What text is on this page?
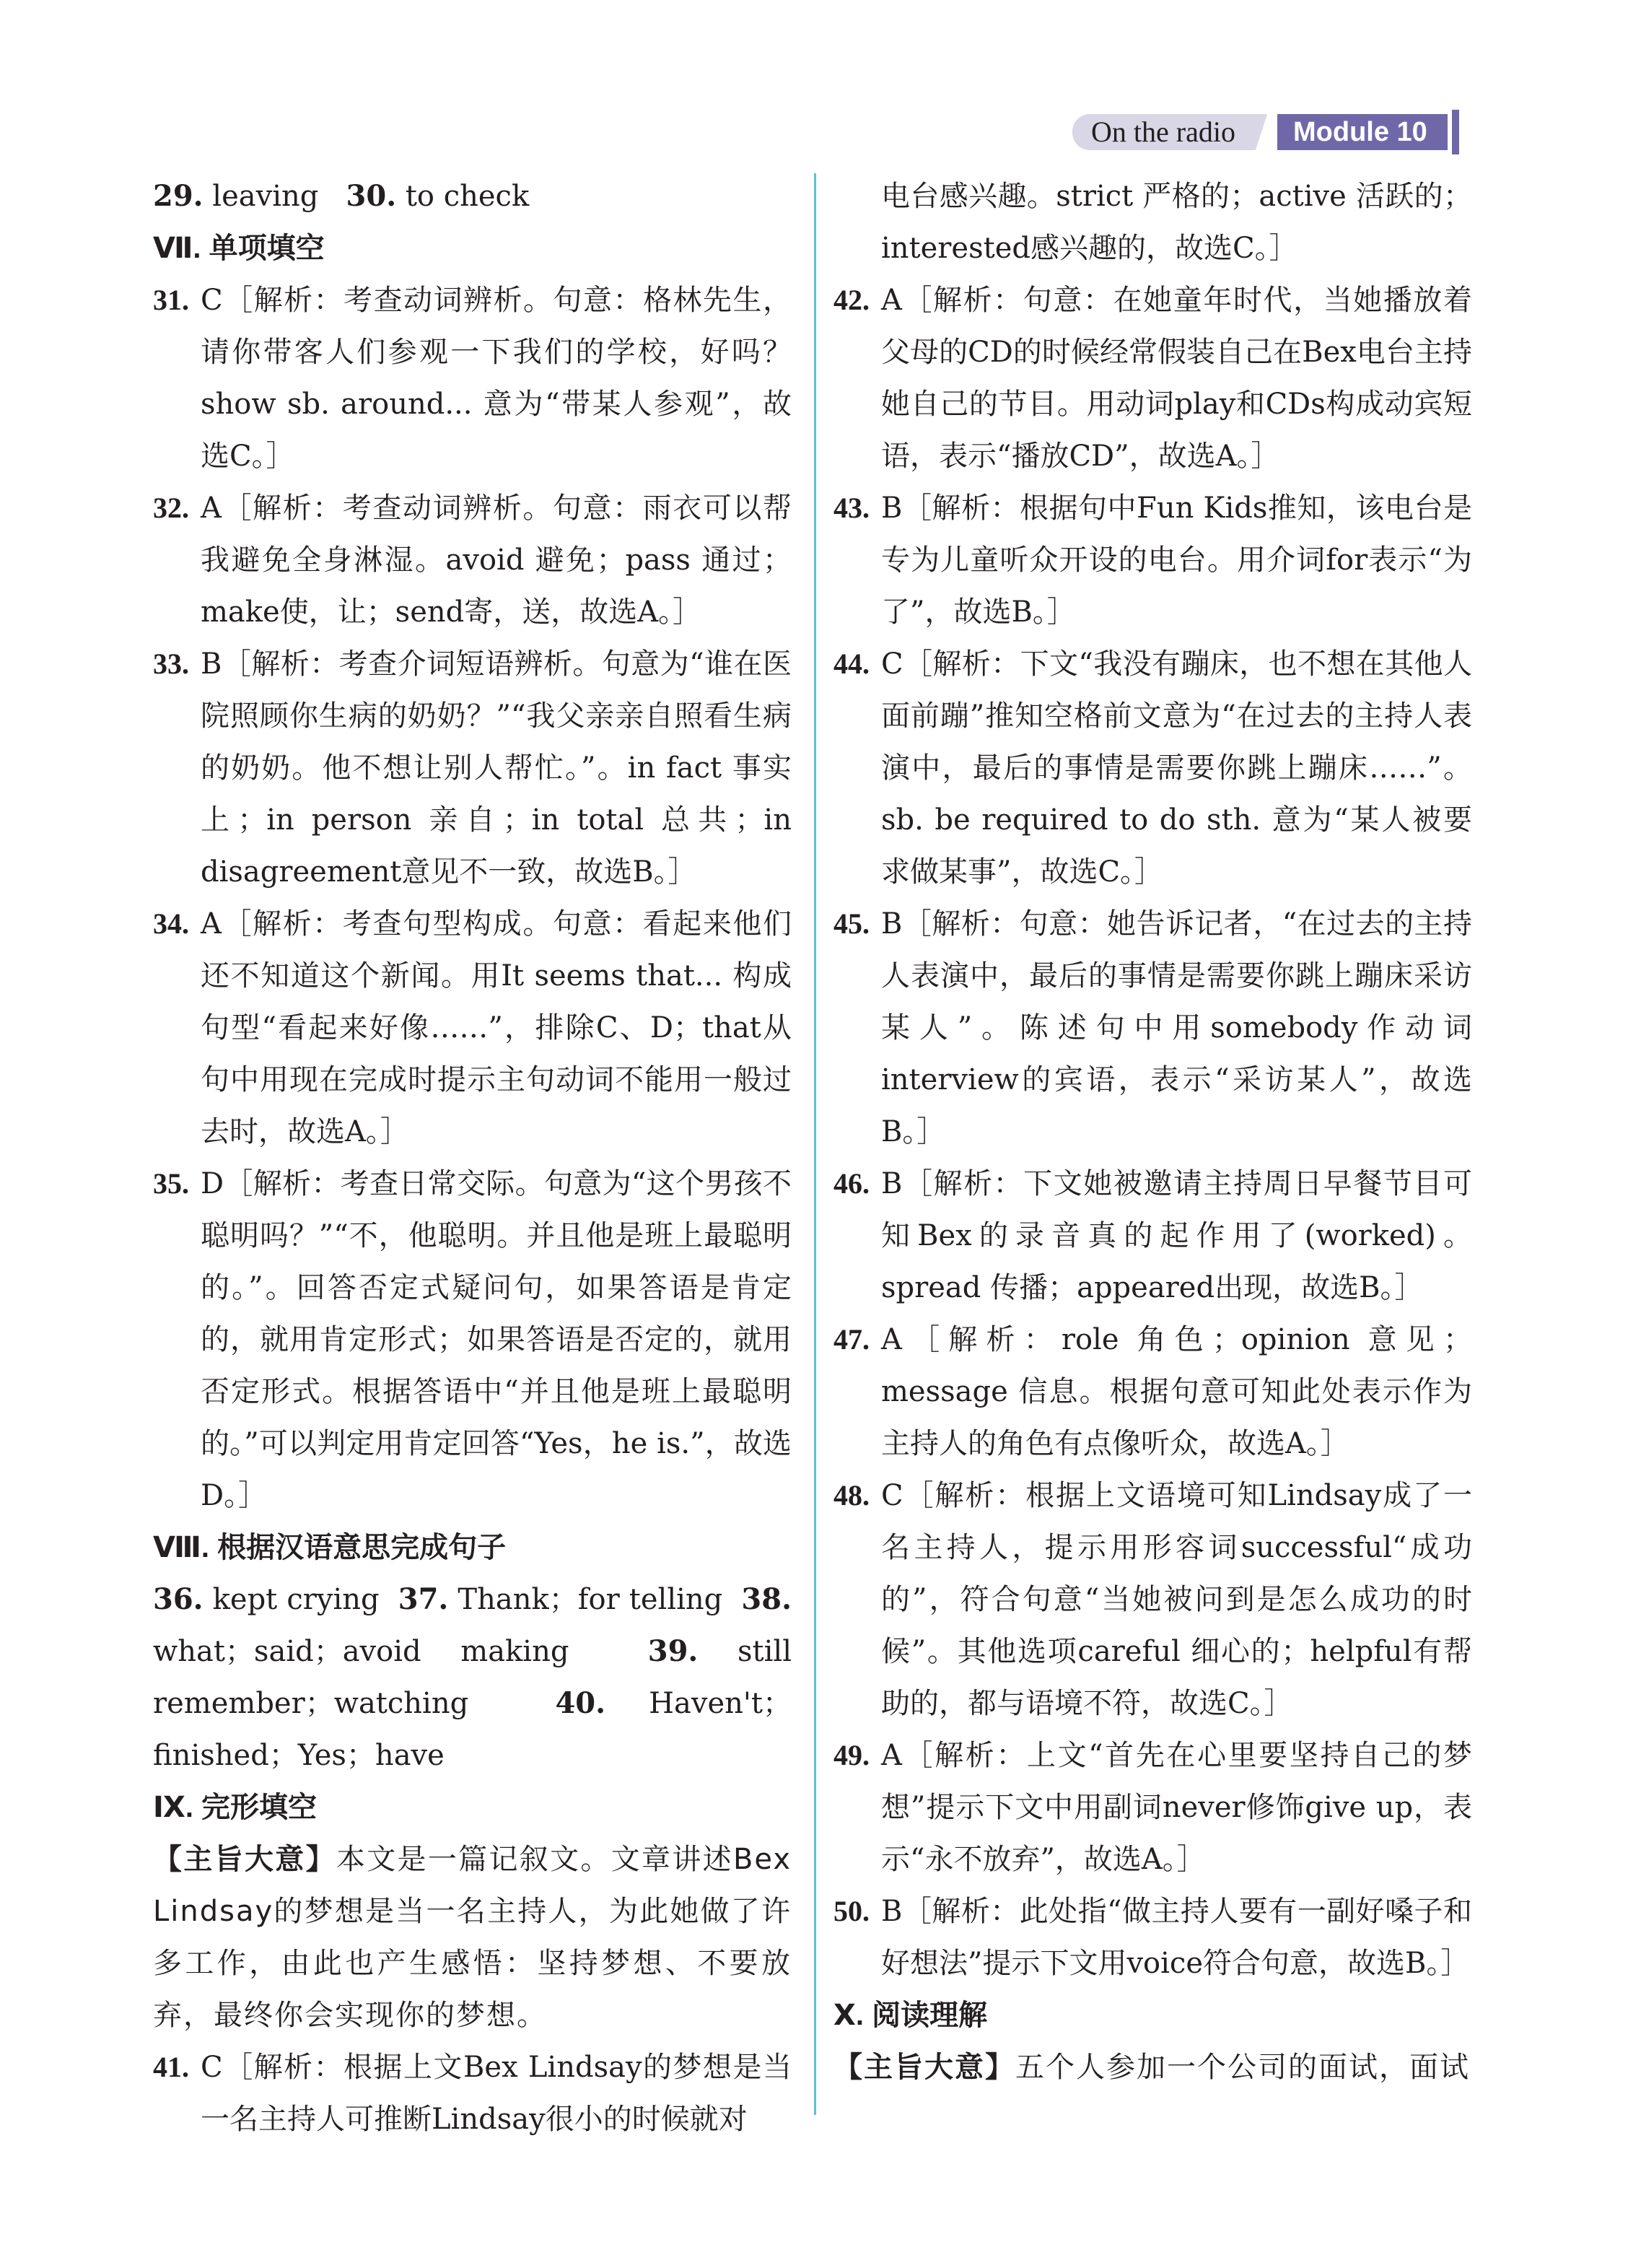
On the radio	Module 10

29. leaving   30. to check

Ⅶ. 单项填空

31. C［解析：考查动词辨析。句意：格林先生，请你带客人们参观一下我们的学校，好吗？show sb. around... 意为“带某人参观”，故选C。］

32. A［解析：考查动词辨析。句意：雨衣可以帮我避免全身淋湿。avoid 避免；pass 通过；make使，让；send寄，送，故选A。］

33. B［解析：考查介词短语辨析。句意为“谁在医院照顾你生病的奶奶？”“我父亲亲自照看生病的奶奶。他不想让别人帮忙。”。in fact 事实上；in person 亲自；in total 总共；in disagreement意见不一致，故选B。］

34. A［解析：考查句型构成。句意：看起来他们还不知道这个新闻。用It seems that... 构成句型“看起来好像……”，排除C、D；that从句中用现在完成时提示主句动词不能用一般过去时，故选A。］

35. D［解析：考查日常交际。句意为“这个男孩不聪明吗？”“不，他聪明。并且他是班上最聪明的。”。回答否定式疑问句，如果答语是肯定的，就用肯定形式；如果答语是否定的，就用否定形式。根据答语中“并且他是班上最聪明的。”可以判定用肯定回答“Yes，he is.”，故选D。］

Ⅷ. 根据汉语意思完成句子

36. kept crying  37. Thank；for telling  38. what；said；avoid making  39. still remember；watching  40. Haven't；finished；Yes；have

Ⅸ. 完形填空

【主旨大意】本文是一篇记叙文。文章讲述Bex Lindsay的梦想是当一名主持人，为此她做了许多工作，由此也产生感悟：坚持梦想、不要放弃，最终你会实现你的梦想。

41. C［解析：根据上文Bex Lindsay的梦想是当一名主持人可推断Lindsay很小的时候就对

电台感兴趣。strict 严格的；active 活跃的；interested感兴趣的，故选C。］

42. A［解析：句意：在她童年时代，当她播放着父母的CD的时候经常假装自己在Bex电台主持她自己的节目。用动词play和CDs构成动宾短语，表示“播放CD”，故选A。］

43. B［解析：根据句中Fun Kids推知，该电台是专为儿童听众开设的电台。用介词for表示“为了”，故选B。］

44. C［解析：下文“我没有蹦床，也不想在其他人面前蹦”推知空格前文意为“在过去的主持人表演中，最后的事情是需要你跳上蹦床……”。sb. be required to do sth. 意为“某人被要求做某事”，故选C。］

45. B［解析：句意：她告诉记者，“在过去的主持人表演中，最后的事情是需要你跳上蹦床采访某人”。陈述句中用somebody作动词interview的宾语，表示“采访某人”，故选B。］

46. B［解析：下文她被邀请主持周日早餐节目可知Bex的录音真的起作用了(worked)。spread 传播；appeared出现，故选B。］

47. A［解析：role 角色；opinion 意见；message 信息。根据句意可知此处表示作为主持人的角色有点像听众，故选A。］

48. C［解析：根据上文语境可知Lindsay成了一名主持人，提示用形容词successful“成功的”，符合句意“当她被问到是怎么成功的时候”。其他选项careful 细心的；helpful有帮助的，都与语境不符，故选C。］

49. A［解析：上文“首先在心里要坚持自己的梦想”提示下文中用副词never修饰give up，表示“永不放弃”，故选A。］

50. B［解析：此处指“做主持人要有一副好嗓子和好想法”提示下文用voice符合句意，故选B。］

Ⅹ. 阅读理解

【主旨大意】五个人参加一个公司的面试，面试
